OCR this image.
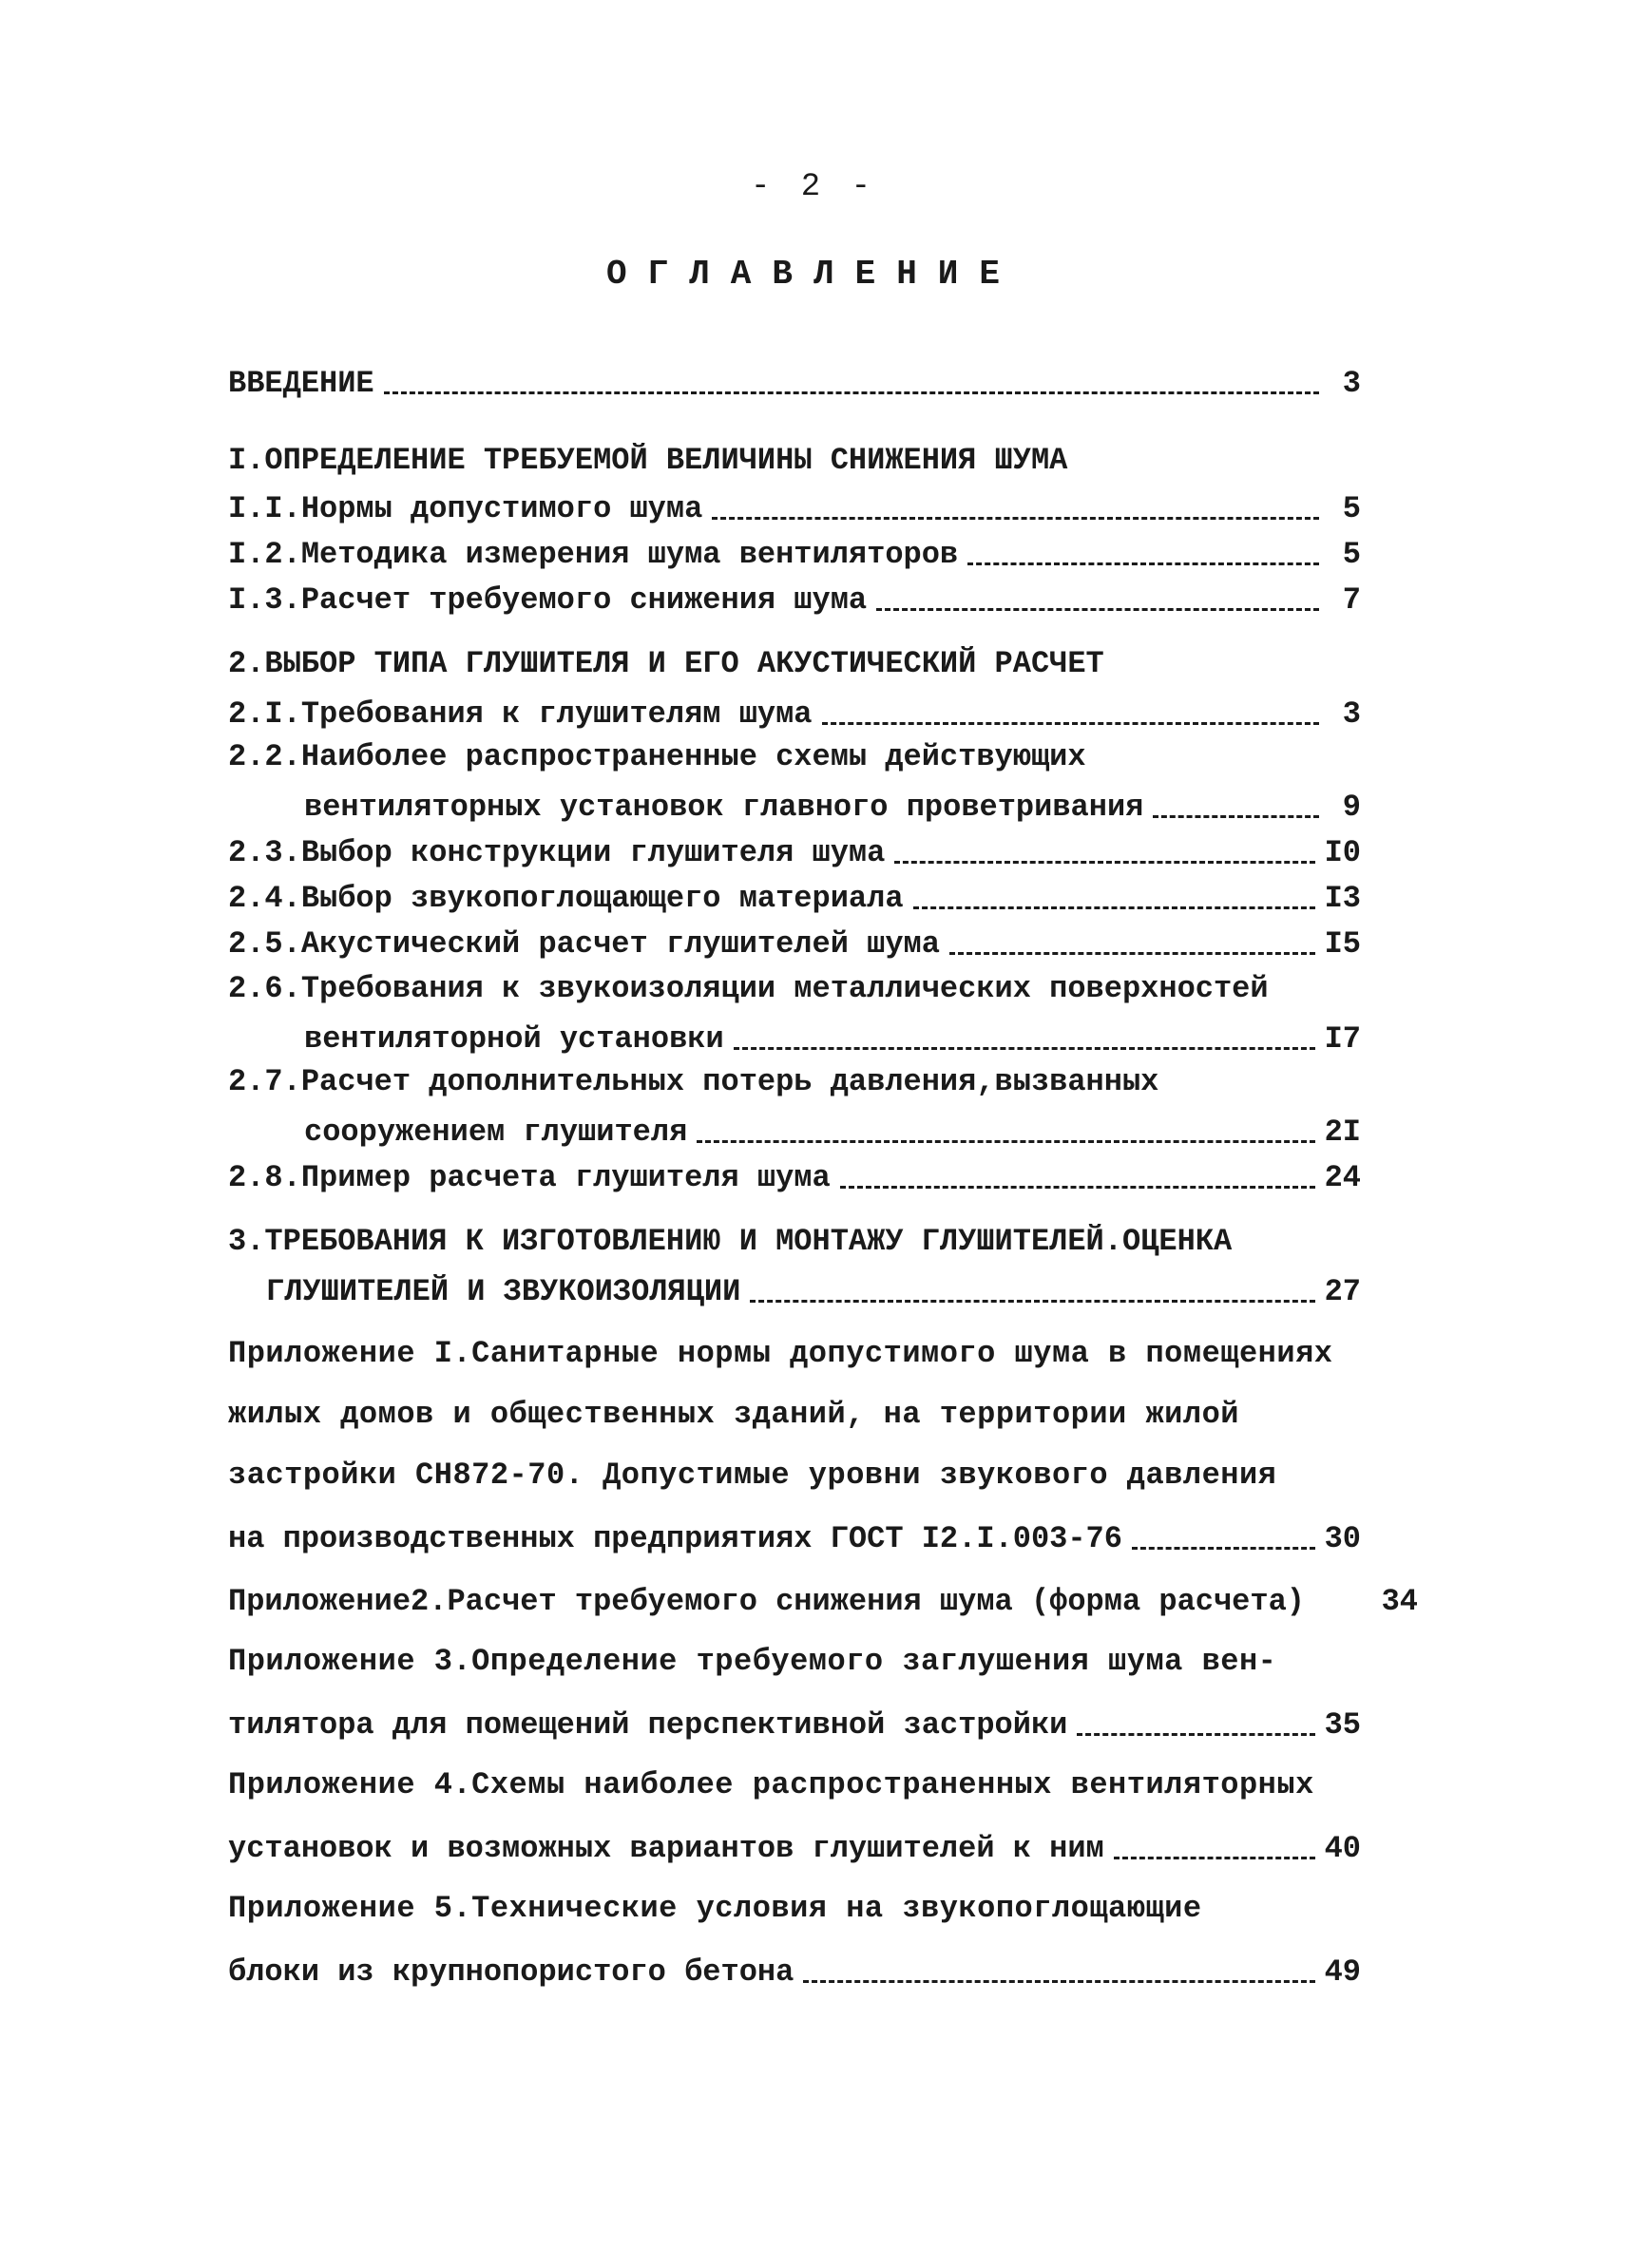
- 2 -
ОГЛАВЛЕНИЕ
ВВЕДЕНИЕ	3
I.ОПРЕДЕЛЕНИЕ ТРЕБУЕМОЙ ВЕЛИЧИНЫ СНИЖЕНИЯ ШУМА
I.I.Нормы допустимого шума	5
I.2.Методика измерения шума вентиляторов	5
I.3.Расчет требуемого снижения шума	7
2.ВЫБОР ТИПА ГЛУШИТЕЛЯ И ЕГО АКУСТИЧЕСКИЙ РАСЧЕТ
2.I.Требования к глушителям шума	3
2.2.Наиболее распространенные схемы действующих
вентиляторных установок главного проветривания	9
2.3.Выбор конструкции глушителя шума	I0
2.4.Выбор звукопоглощающего материала	I3
2.5.Акустический расчет глушителей шума	I5
2.6.Требования к звукоизоляции металлических поверхностей
вентиляторной установки	I7
2.7.Расчет дополнительных потерь давления,вызванных
сооружением глушителя	2I
2.8.Пример расчета глушителя шума	24
3.ТРЕБОВАНИЯ К ИЗГОТОВЛЕНИЮ И МОНТАЖУ ГЛУШИТЕЛЕЙ.ОЦЕНКА
ГЛУШИТЕЛЕЙ И ЗВУКОИЗОЛЯЦИИ	27
Приложение I.Санитарные нормы допустимого шума в помещениях
жилых домов и общественных зданий, на территории жилой
застройки СН872-70. Допустимые уровни звукового давления
на производственных предприятиях ГОСТ I2.I.003-76	30
Приложение2.Расчет требуемого снижения шума (форма расчета)	34
Приложение 3.Определение требуемого заглушения шума вен-
тилятора для помещений перспективной застройки	35
Приложение 4.Схемы наиболее распространенных вентиляторных
установок и возможных вариантов глушителей к ним	40
Приложение 5.Технические условия на звукопоглощающие
блоки из крупнопористого бетона	49
